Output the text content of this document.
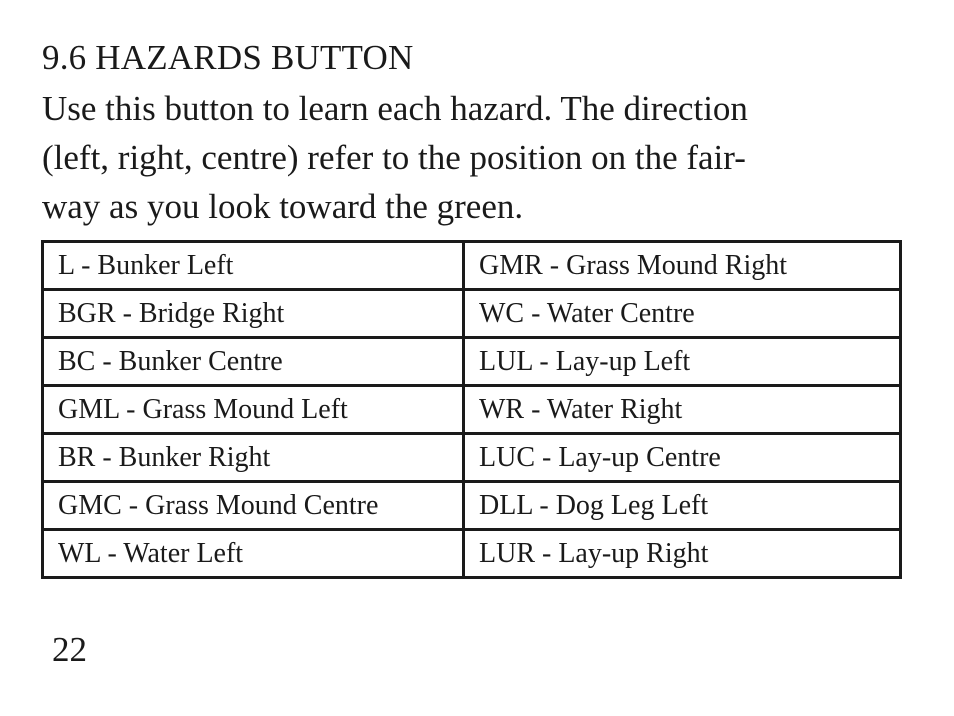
9.6 HAZARDS BUTTON
Use this button to learn each hazard. The direction
(left, right, centre) refer to the position on the fair-
way as you look toward the green.
L - Bunker Left	GMR - Grass Mound Right
BGR - Bridge Right	WC - Water Centre
BC - Bunker Centre	LUL - Lay-up Left
GML - Grass Mound Left	WR - Water Right
BR - Bunker Right	LUC - Lay-up Centre
GMC - Grass Mound Centre	DLL - Dog Leg Left
WL - Water Left	LUR - Lay-up Right
22
